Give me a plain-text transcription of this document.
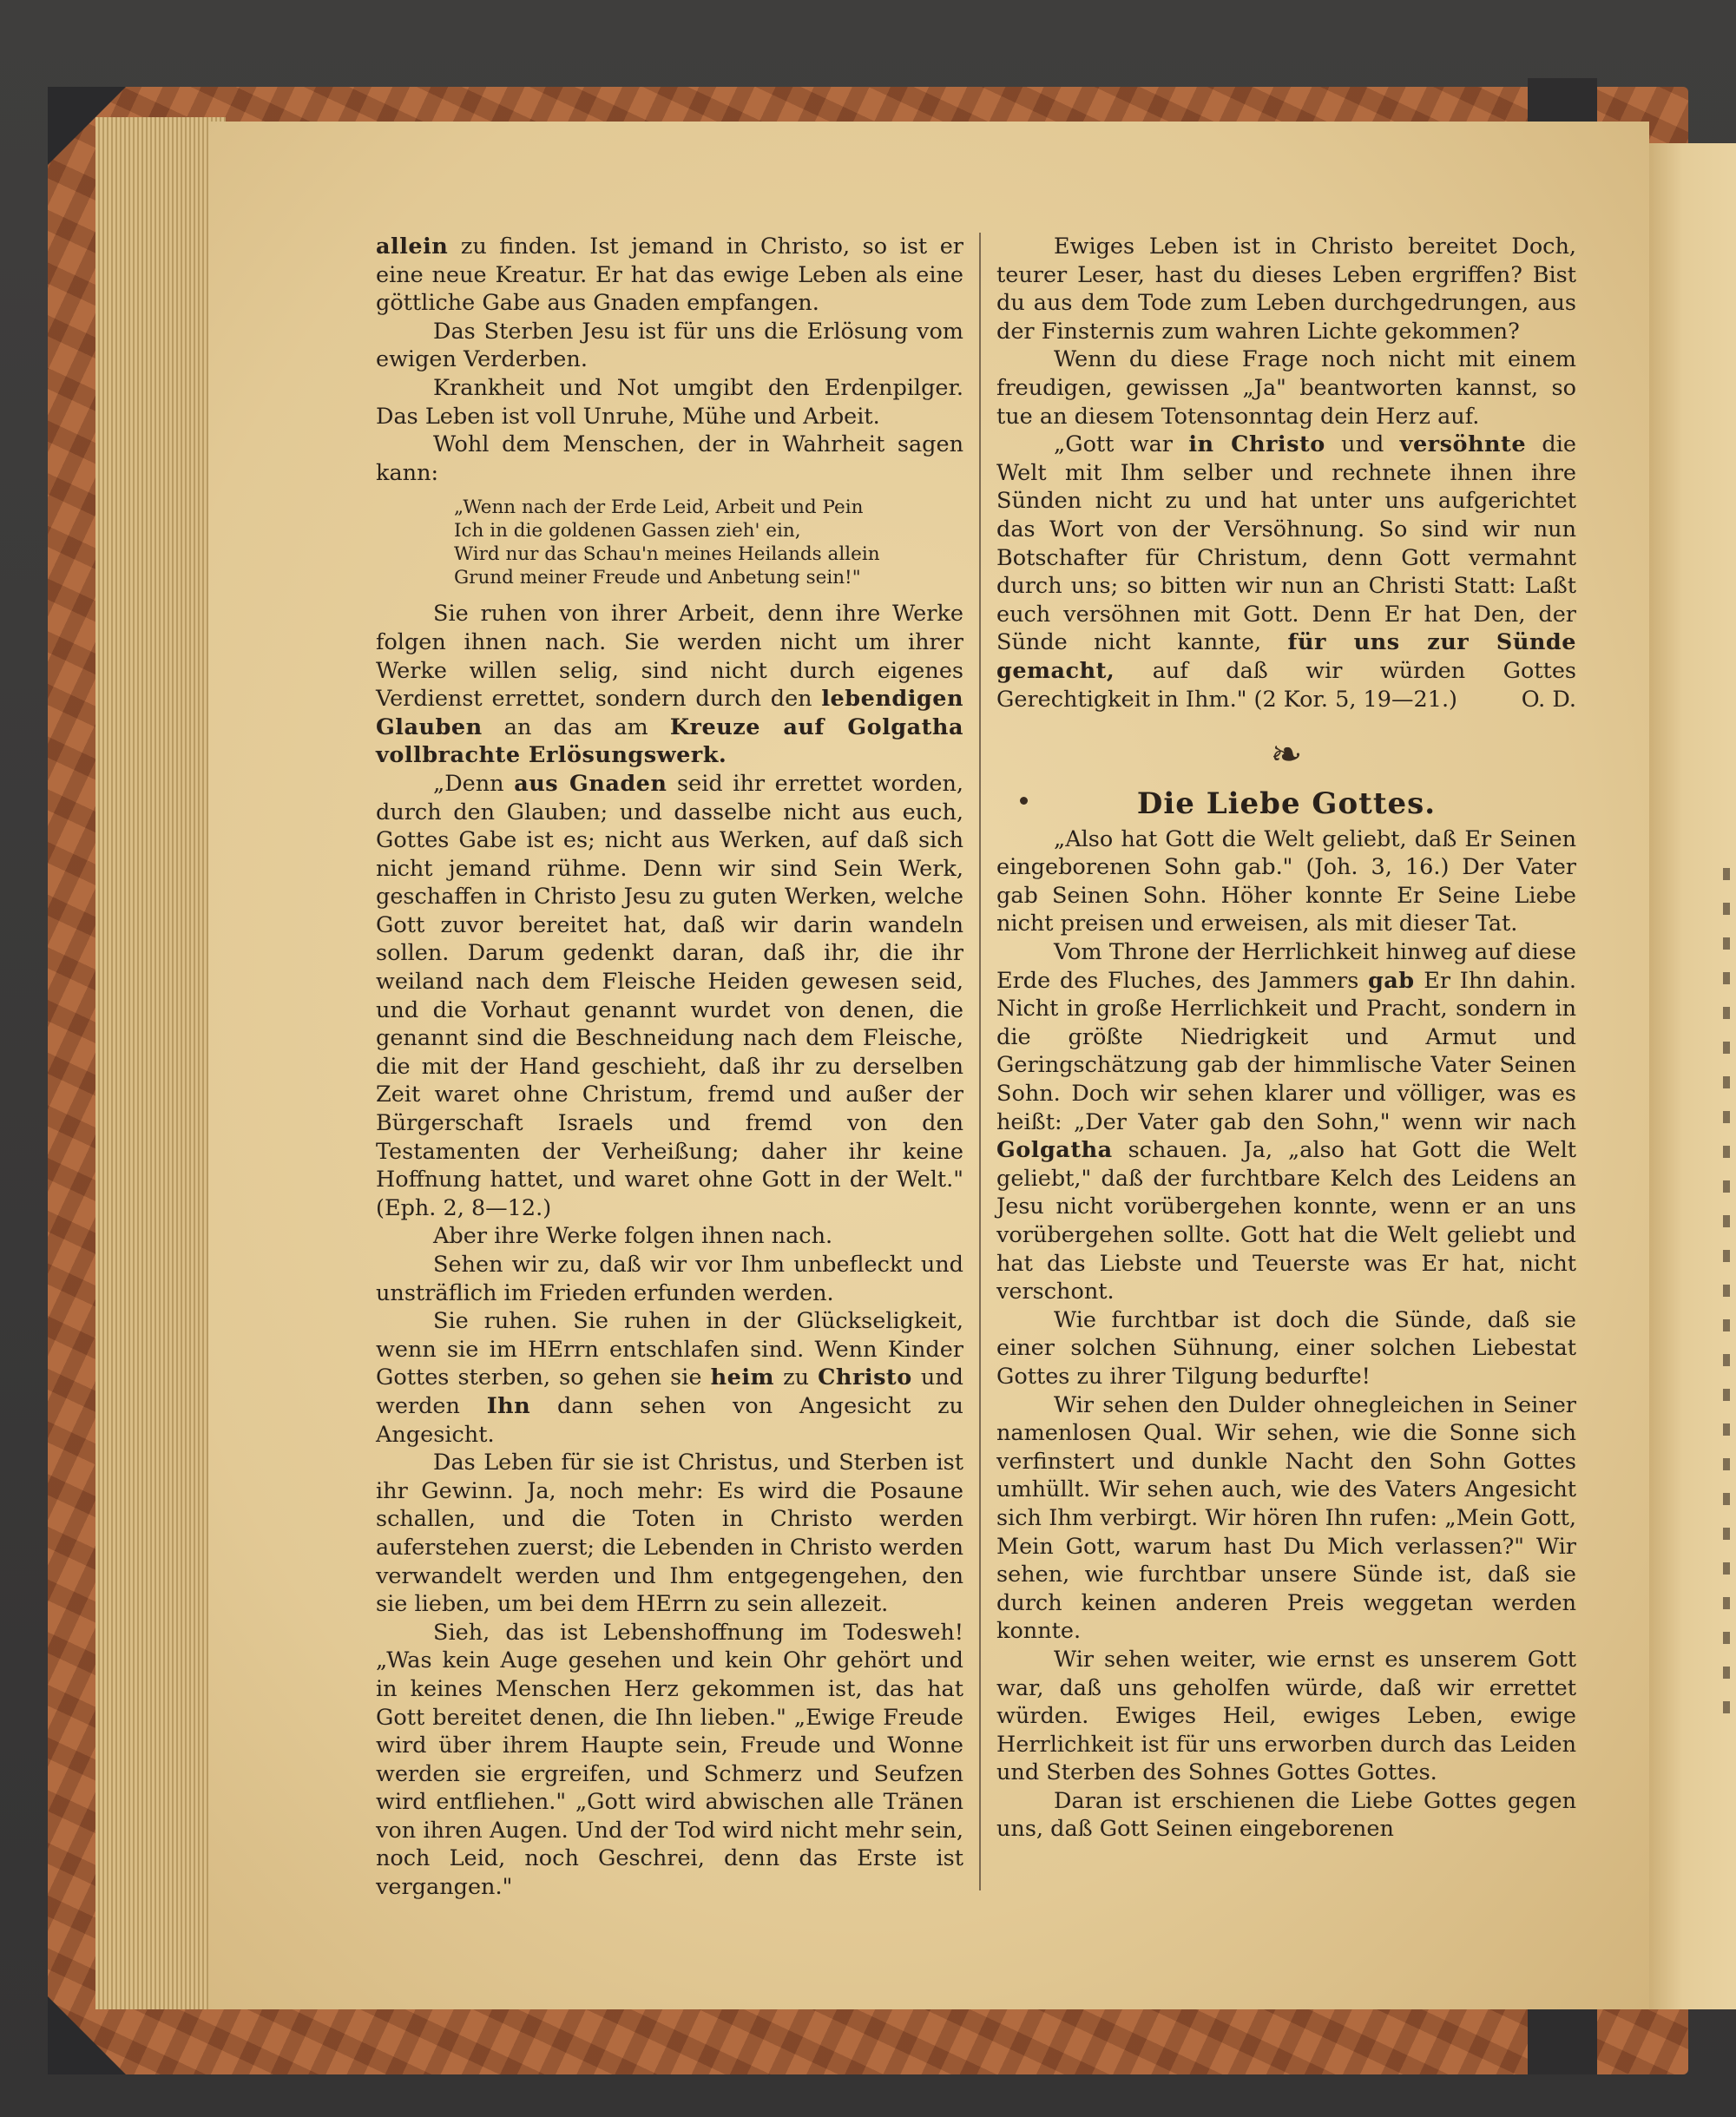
allein zu finden. Ist jemand in Christo, so ist er eine neue Kreatur. Er hat das ewige Leben als eine göttliche Gabe aus Gnaden empfangen.

Das Sterben Jesu ist für uns die Erlösung vom ewigen Verderben.

Krankheit und Not umgibt den Erdenpilger. Das Leben ist voll Unruhe, Mühe und Arbeit.

Wohl dem Menschen, der in Wahrheit sagen kann:

„Wenn nach der Erde Leid, Arbeit und Pein
Ich in die goldenen Gassen zieh' ein,
Wird nur das Schau'n meines Heilands allein
Grund meiner Freude und Anbetung sein!"

Sie ruhen von ihrer Arbeit, denn ihre Werke folgen ihnen nach. Sie werden nicht um ihrer Werke willen selig, sind nicht durch eigenes Verdienst errettet, sondern durch den lebendigen Glauben an das am Kreuze auf Golgatha vollbrachte Erlösungswerk.

„Denn aus Gnaden seid ihr errettet worden, durch den Glauben; und dasselbe nicht aus euch, Gottes Gabe ist es; nicht aus Werken, auf daß sich nicht jemand rühme. Denn wir sind Sein Werk, geschaffen in Christo Jesu zu guten Werken, welche Gott zuvor bereitet hat, daß wir darin wandeln sollen. Darum gedenkt daran, daß ihr, die ihr weiland nach dem Fleische Heiden gewesen seid, und die Vorhaut genannt wurdet von denen, die genannt sind die Beschneidung nach dem Fleische, die mit der Hand geschieht, daß ihr zu derselben Zeit waret ohne Christum, fremd und außer der Bürgerschaft Israels und fremd von den Testamenten der Verheißung; daher ihr keine Hoffnung hattet, und waret ohne Gott in der Welt." (Eph. 2, 8—12.)

Aber ihre Werke folgen ihnen nach.

Sehen wir zu, daß wir vor Ihm unbefleckt und unsträflich im Frieden erfunden werden.

Sie ruhen. Sie ruhen in der Glückseligkeit, wenn sie im HErrn entschlafen sind. Wenn Kinder Gottes sterben, so gehen sie heim zu Christo und werden Ihn dann sehen von Angesicht zu Angesicht.

Das Leben für sie ist Christus, und Sterben ist ihr Gewinn. Ja, noch mehr: Es wird die Posaune schallen, und die Toten in Christo werden auferstehen zuerst; die Lebenden in Christo werden verwandelt werden und Ihm entgegengehen, den sie lieben, um bei dem HErrn zu sein allezeit.

Sieh, das ist Lebenshoffnung im Todesweh! „Was kein Auge gesehen und kein Ohr gehört und in keines Menschen Herz gekommen ist, das hat Gott bereitet denen, die Ihn lieben." „Ewige Freude wird über ihrem Haupte sein, Freude und Wonne werden sie ergreifen, und Schmerz und Seufzen wird entfliehen." „Gott wird abwischen alle Tränen von ihren Augen. Und der Tod wird nicht mehr sein, noch Leid, noch Geschrei, denn das Erste ist vergangen."

Ewiges Leben ist in Christo bereitet Doch, teurer Leser, hast du dieses Leben ergriffen? Bist du aus dem Tode zum Leben durchgedrungen, aus der Finsternis zum wahren Lichte gekommen?

Wenn du diese Frage noch nicht mit einem freudigen, gewissen „Ja" beantworten kannst, so tue an diesem Totensonntag dein Herz auf.

„Gott war in Christo und versöhnte die Welt mit Ihm selber und rechnete ihnen ihre Sünden nicht zu und hat unter uns aufgerichtet das Wort von der Versöhnung. So sind wir nun Botschafter für Christum, denn Gott vermahnt durch uns; so bitten wir nun an Christi Statt: Laßt euch versöhnen mit Gott. Denn Er hat Den, der Sünde nicht kannte, für uns zur Sünde gemacht, auf daß wir würden Gottes Gerechtigkeit in Ihm." (2 Kor. 5, 19—21.)	O. D.

❧
Die Liebe Gottes.

„Also hat Gott die Welt geliebt, daß Er Seinen eingeborenen Sohn gab." (Joh. 3, 16.) Der Vater gab Seinen Sohn. Höher konnte Er Seine Liebe nicht preisen und erweisen, als mit dieser Tat.

Vom Throne der Herrlichkeit hinweg auf diese Erde des Fluches, des Jammers gab Er Ihn dahin. Nicht in große Herrlichkeit und Pracht, sondern in die größte Niedrigkeit und Armut und Geringschätzung gab der himmlische Vater Seinen Sohn. Doch wir sehen klarer und völliger, was es heißt: „Der Vater gab den Sohn," wenn wir nach Golgatha schauen. Ja, „also hat Gott die Welt geliebt," daß der furchtbare Kelch des Leidens an Jesu nicht vorübergehen konnte, wenn er an uns vorübergehen sollte. Gott hat die Welt geliebt und hat das Liebste und Teuerste was Er hat, nicht verschont.

Wie furchtbar ist doch die Sünde, daß sie einer solchen Sühnung, einer solchen Liebestat Gottes zu ihrer Tilgung bedurfte!

Wir sehen den Dulder ohnegleichen in Seiner namenlosen Qual. Wir sehen, wie die Sonne sich verfinstert und dunkle Nacht den Sohn Gottes umhüllt. Wir sehen auch, wie des Vaters Angesicht sich Ihm verbirgt. Wir hören Ihn rufen: „Mein Gott, Mein Gott, warum hast Du Mich verlassen?" Wir sehen, wie furchtbar unsere Sünde ist, daß sie durch keinen anderen Preis weggetan werden konnte.

Wir sehen weiter, wie ernst es unserem Gott war, daß uns geholfen würde, daß wir errettet würden. Ewiges Heil, ewiges Leben, ewige Herrlichkeit ist für uns erworben durch das Leiden und Sterben des Sohnes Gottes Gottes.

Daran ist erschienen die Liebe Gottes gegen uns, daß Gott Seinen eingeborenen
